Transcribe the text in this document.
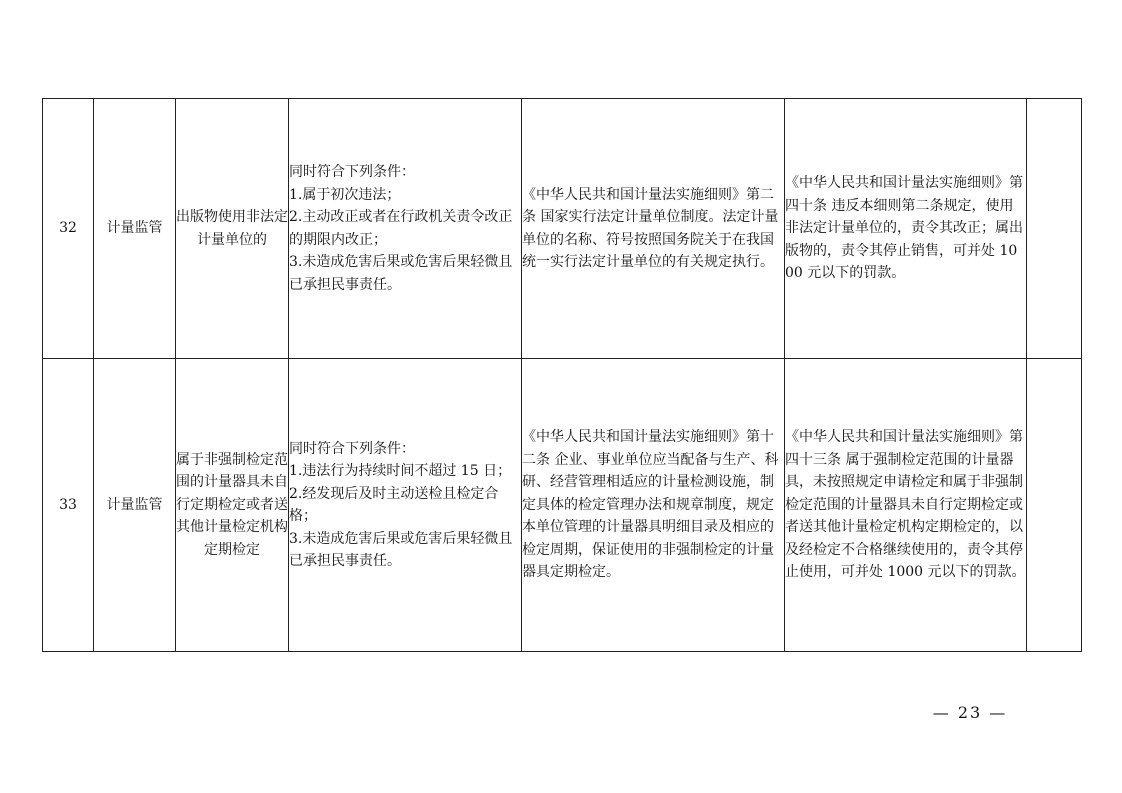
32	计量监管	出版物使用非法定计量单位的	同时符合下列条件：
1.属于初次违法；
2.主动改正或者在行政机关责令改正的期限内改正；
3.未造成危害后果或危害后果轻微且已承担民事责任。	《中华人民共和国计量法实施细则》第二条 国家实行法定计量单位制度。法定计量单位的名称、符号按照国务院关于在我国统一实行法定计量单位的有关规定执行。	《中华人民共和国计量法实施细则》第四十条 违反本细则第二条规定，使用非法定计量单位的，责令其改正；属出版物的，责令其停止销售，可并处 1000 元以下的罚款。	

33	计量监管	属于非强制检定范围的计量器具未自行定期检定或者送其他计量检定机构定期检定	同时符合下列条件：
1.违法行为持续时间不超过 15 日；
2.经发现后及时主动送检且检定合格；
3.未造成危害后果或危害后果轻微且已承担民事责任。	《中华人民共和国计量法实施细则》第十二条 企业、事业单位应当配备与生产、科研、经营管理相适应的计量检测设施，制定具体的检定管理办法和规章制度，规定本单位管理的计量器具明细目录及相应的检定周期，保证使用的非强制检定的计量器具定期检定。	《中华人民共和国计量法实施细则》第四十三条 属于强制检定范围的计量器具，未按照规定申请检定和属于非强制检定范围的计量器具未自行定期检定或者送其他计量检定机构定期检定的，以及经检定不合格继续使用的，责令其停止使用，可并处 1000 元以下的罚款。	

— 23 —
